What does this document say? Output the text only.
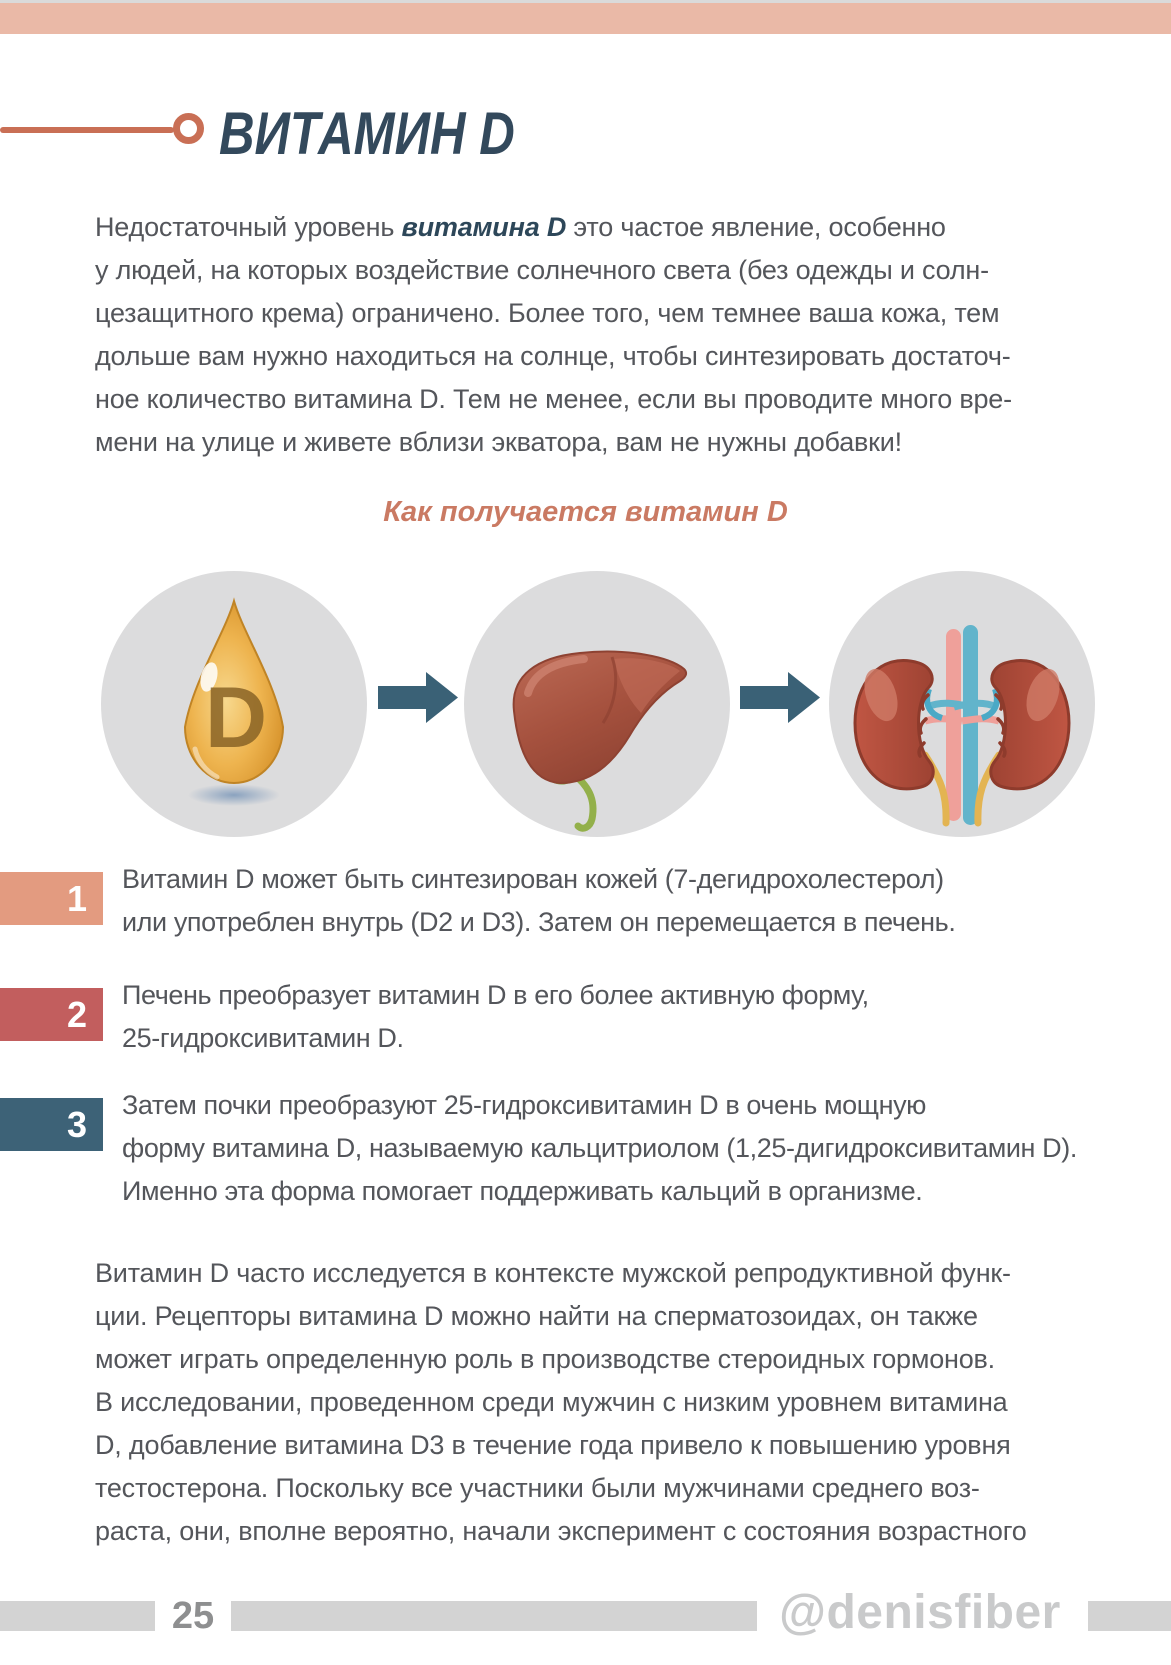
ВИТАМИН D
Недостаточный уровень витамина D это частое явление, особенно
у людей, на которых воздействие солнечного света (без одежды и солн-
цезащитного крема) ограничено. Более того, чем темнее ваша кожа, тем
дольше вам нужно находиться на солнце, чтобы синтезировать достаточ-
ное количество витамина D. Тем не менее, если вы проводите много вре-
мени на улице и живете вблизи экватора, вам не нужны добавки!
Как получается витамин D
D
1	Витамин D может быть синтезирован кожей (7-дегидрохолестерол)
или употреблен внутрь (D2 и D3). Затем он перемещается в печень.
2	Печень преобразует витамин D в его более активную форму,
25-гидроксивитамин D.
3	Затем почки преобразуют 25-гидроксивитамин D в очень мощную
форму витамина D, называемую кальцитриолом (1,25-дигидроксивитамин D).
Именно эта форма помогает поддерживать кальций в организме.
Витамин D часто исследуется в контексте мужской репродуктивной функ-
ции. Рецепторы витамина D можно найти на сперматозоидах, он также
может играть определенную роль в производстве стероидных гормонов.
В исследовании, проведенном среди мужчин с низким уровнем витамина
D, добавление витамина D3 в течение года привело к повышению уровня
тестостерона. Поскольку все участники были мужчинами среднего воз-
раста, они, вполне вероятно, начали эксперимент с состояния возрастного
25	@denisfiber
